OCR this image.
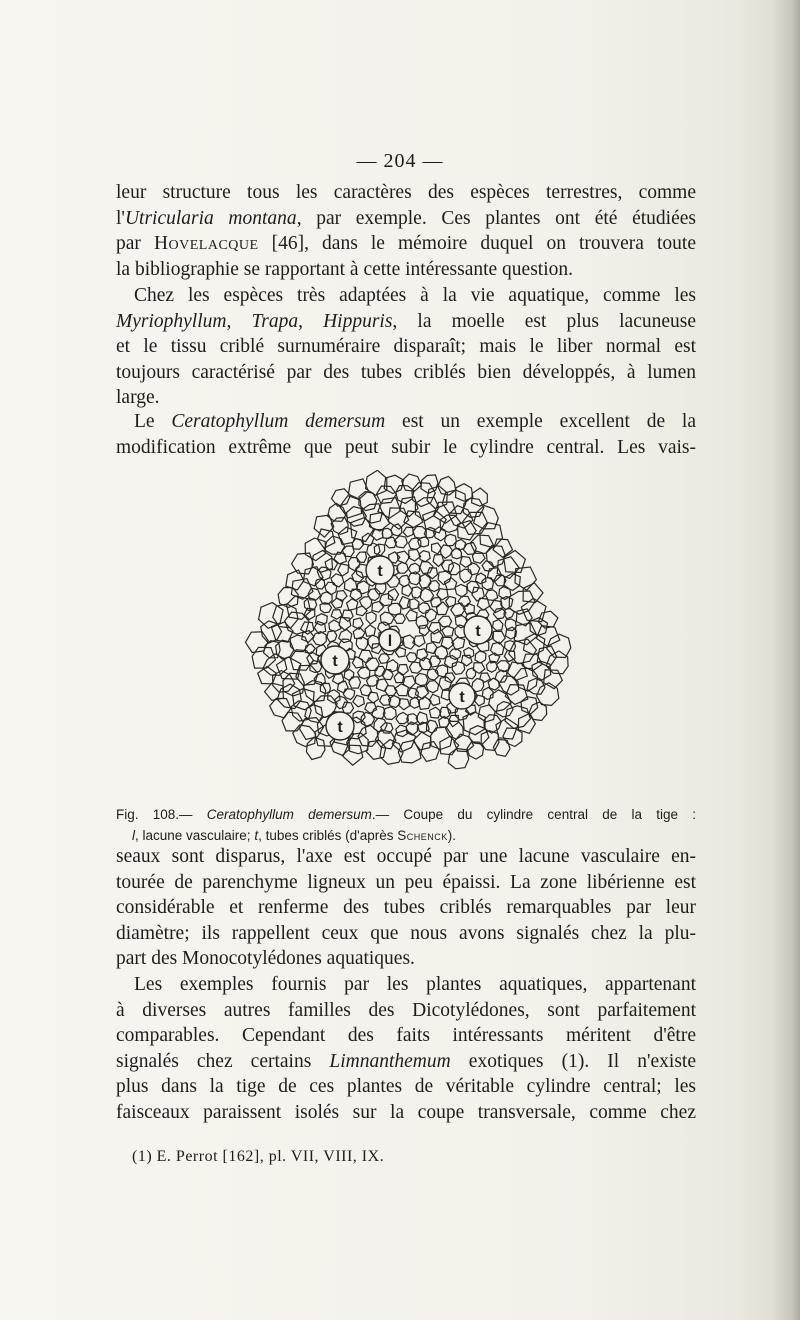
— 204 —
leur structure tous les caractères des espèces terrestres, comme
l'Utricularia montana, par exemple. Ces plantes ont été étudiées
par Hovelacque [46], dans le mémoire duquel on trouvera toute
la bibliographie se rapportant à cette intéressante question.
Chez les espèces très adaptées à la vie aquatique, comme les
Myriophyllum, Trapa, Hippuris, la moelle est plus lacuneuse
et le tissu criblé surnuméraire disparaît; mais le liber normal est
toujours caractérisé par des tubes criblés bien développés, à lumen
large.
Le Ceratophyllum demersum est un exemple excellent de la
modification extrême que peut subir le cylindre central. Les vais-
t
t
t
t
t
l
Fig. 108.— Ceratophyllum demersum.— Coupe du cylindre central de la tige :
l, lacune vasculaire; t, tubes criblés (d'après Schenck).
seaux sont disparus, l'axe est occupé par une lacune vasculaire en-
tourée de parenchyme ligneux un peu épaissi. La zone libérienne est
considérable et renferme des tubes criblés remarquables par leur
diamètre; ils rappellent ceux que nous avons signalés chez la plu-
part des Monocotylédones aquatiques.
Les exemples fournis par les plantes aquatiques, appartenant
à diverses autres familles des Dicotylédones, sont parfaitement
comparables. Cependant des faits intéressants méritent d'être
signalés chez certains Limnanthemum exotiques (1). Il n'existe
plus dans la tige de ces plantes de véritable cylindre central; les
faisceaux paraissent isolés sur la coupe transversale, comme chez
(1) E. Perrot [162], pl. VII, VIII, IX.
